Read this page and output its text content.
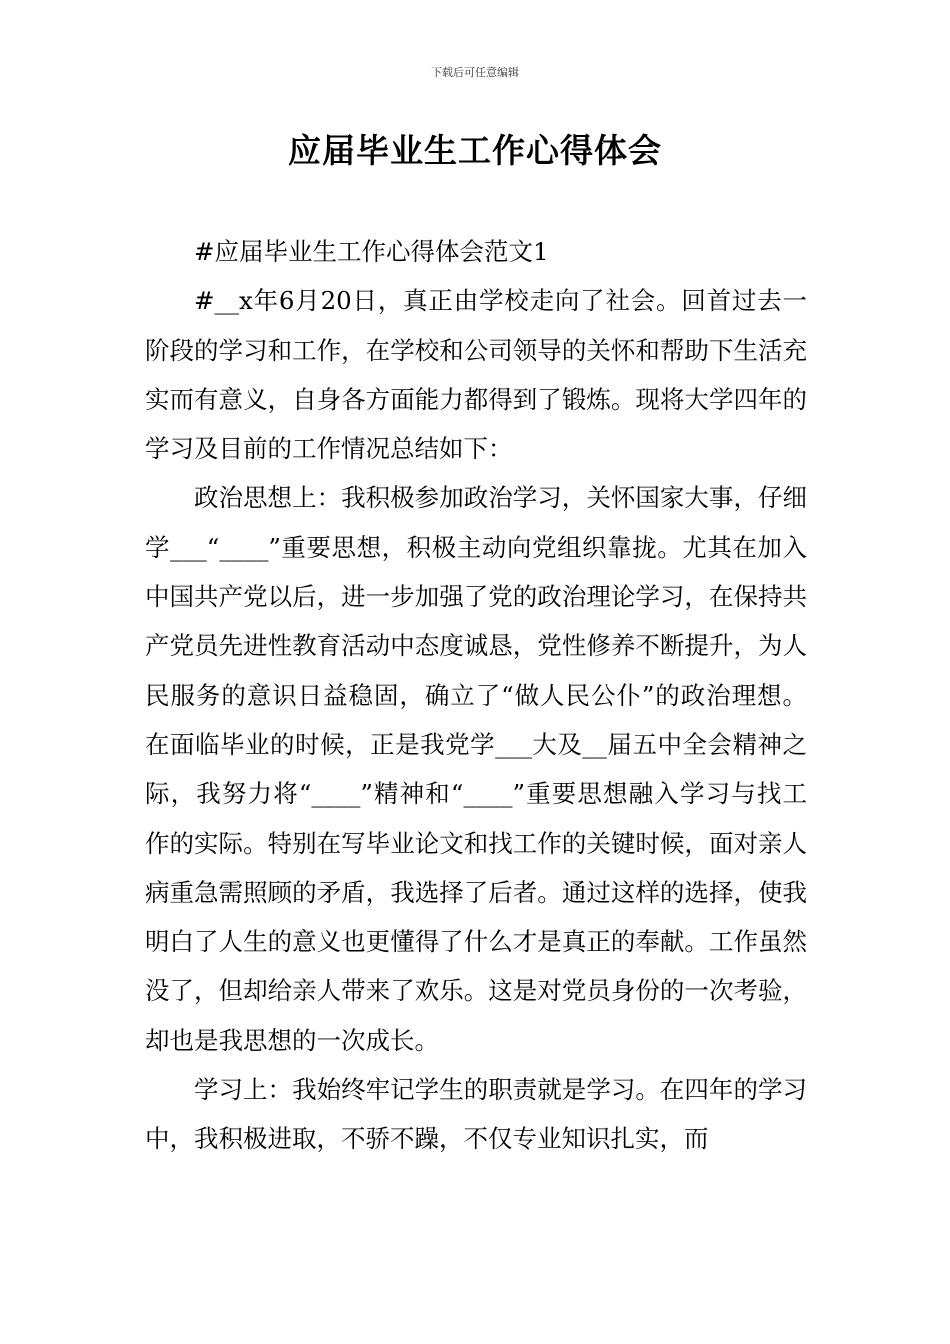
下载后可任意编辑
应届毕业生工作心得体会

#应届毕业生工作心得体会范文1

#__x年6月20日，真正由学校走向了社会。回首过去一阶段的学习和工作，在学校和公司领导的关怀和帮助下生活充实而有意义，自身各方面能力都得到了锻炼。现将大学四年的学习及目前的工作情况总结如下：

政治思想上：我积极参加政治学习，关怀国家大事，仔细学___“____”重要思想，积极主动向党组织靠拢。尤其在加入中国共产党以后，进一步加强了党的政治理论学习，在保持共产党员先进性教育活动中态度诚恳，党性修养不断提升，为人民服务的意识日益稳固，确立了“做人民公仆”的政治理想。在面临毕业的时候，正是我党学___大及__届五中全会精神之际，我努力将“____”精神和“____”重要思想融入学习与找工作的实际。特别在写毕业论文和找工作的关键时候，面对亲人病重急需照顾的矛盾，我选择了后者。通过这样的选择，使我明白了人生的意义也更懂得了什么才是真正的奉献。工作虽然没了，但却给亲人带来了欢乐。这是对党员身份的一次考验，却也是我思想的一次成长。

学习上：我始终牢记学生的职责就是学习。在四年的学习中，我积极进取，不骄不躁，不仅专业知识扎实，而
